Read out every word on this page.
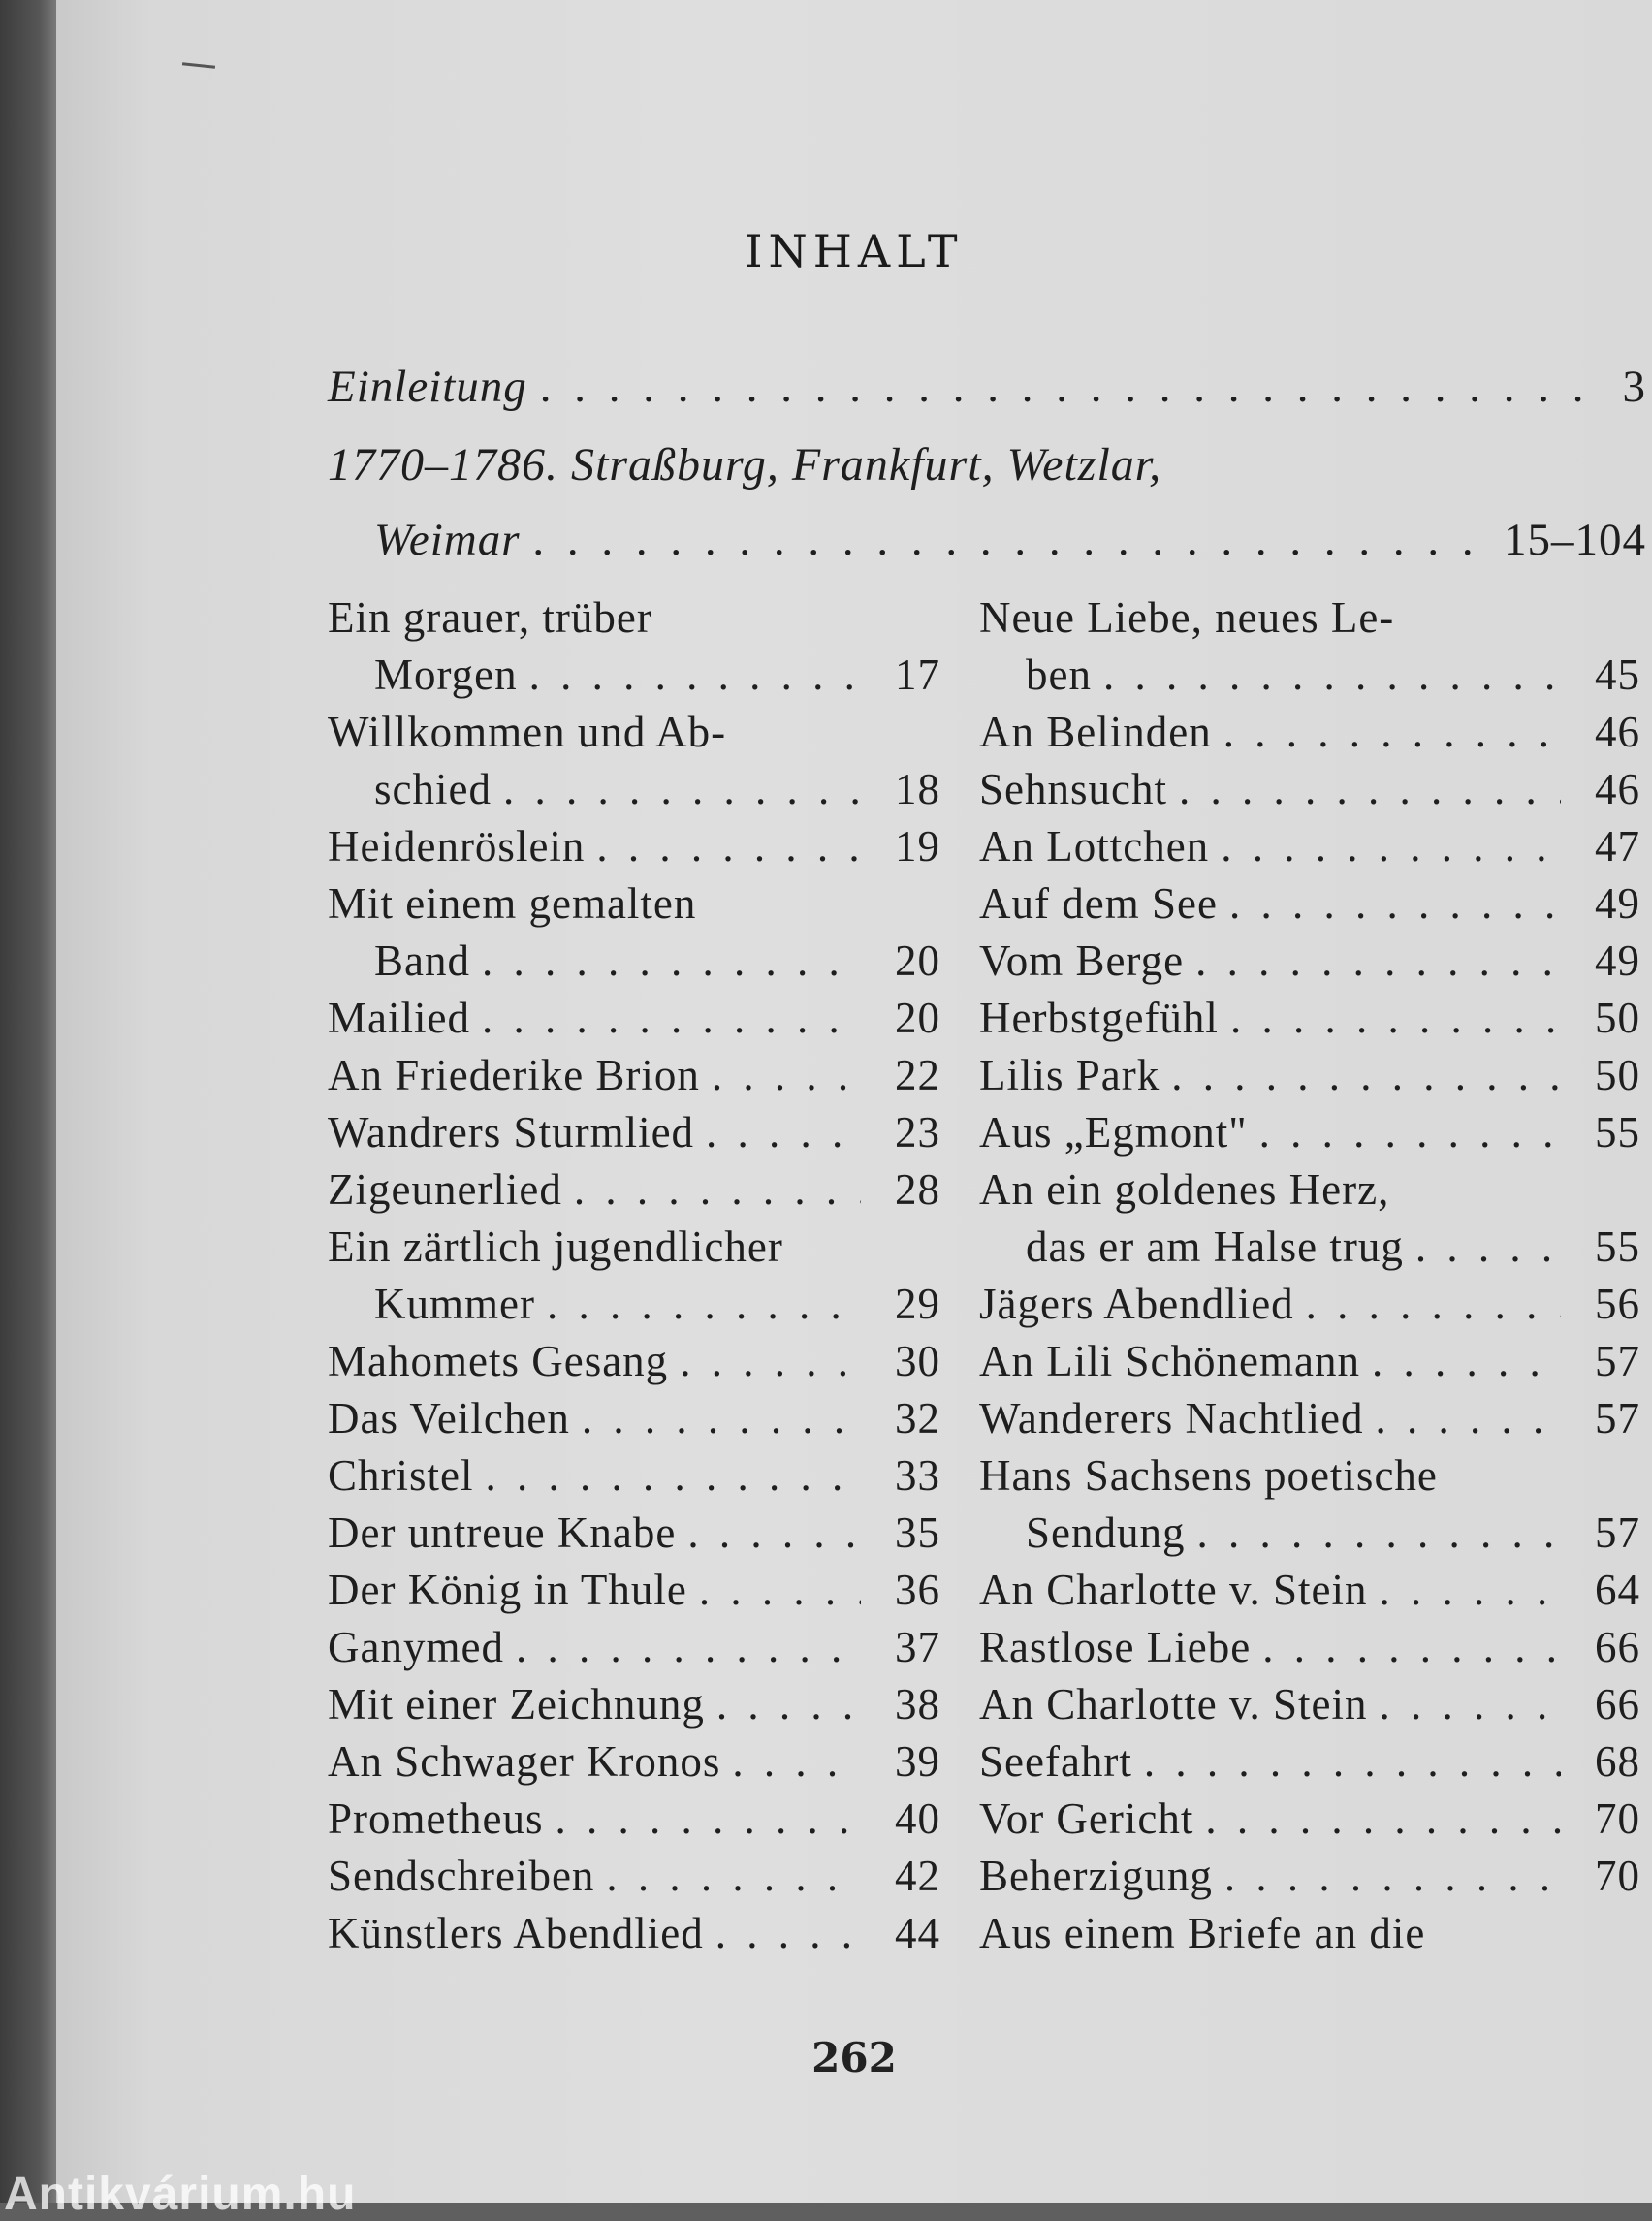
INHALT
Einleitung . . .	3
1770–1786. Straßburg, Frankfurt, Wetzlar,
Weimar . . .	15–104
Ein grauer, trüber
Morgen . . .	17
Willkommen und Ab-
schied . . .	18
Heidenröslein . . .	19
Mit einem gemalten
Band . . .	20
Mailied . . .	20
An Friederike Brion . . .	22
Wandrers Sturmlied . . .	23
Zigeunerlied . . .	28
Ein zärtlich jugendlicher
Kummer . . .	29
Mahomets Gesang . . .	30
Das Veilchen . . .	32
Christel . . .	33
Der untreue Knabe . . .	35
Der König in Thule . . .	36
Ganymed . . .	37
Mit einer Zeichnung . . .	38
An Schwager Kronos . . .	39
Prometheus . . .	40
Sendschreiben . . .	42
Künstlers Abendlied . . .	44
Neue Liebe, neues Le-
ben . . .	45
An Belinden . . .	46
Sehnsucht . . .	46
An Lottchen . . .	47
Auf dem See . . .	49
Vom Berge . . .	49
Herbstgefühl . . .	50
Lilis Park . . .	50
Aus „Egmont" . . .	55
An ein goldenes Herz,
das er am Halse trug . . .	55
Jägers Abendlied . . .	56
An Lili Schönemann . . .	57
Wanderers Nachtlied . . .	57
Hans Sachsens poetische
Sendung . . .	57
An Charlotte v. Stein . . .	64
Rastlose Liebe . . .	66
An Charlotte v. Stein . . .	66
Seefahrt . . .	68
Vor Gericht . . .	70
Beherzigung . . .	70
Aus einem Briefe an die
262
Antikvárium.hu
